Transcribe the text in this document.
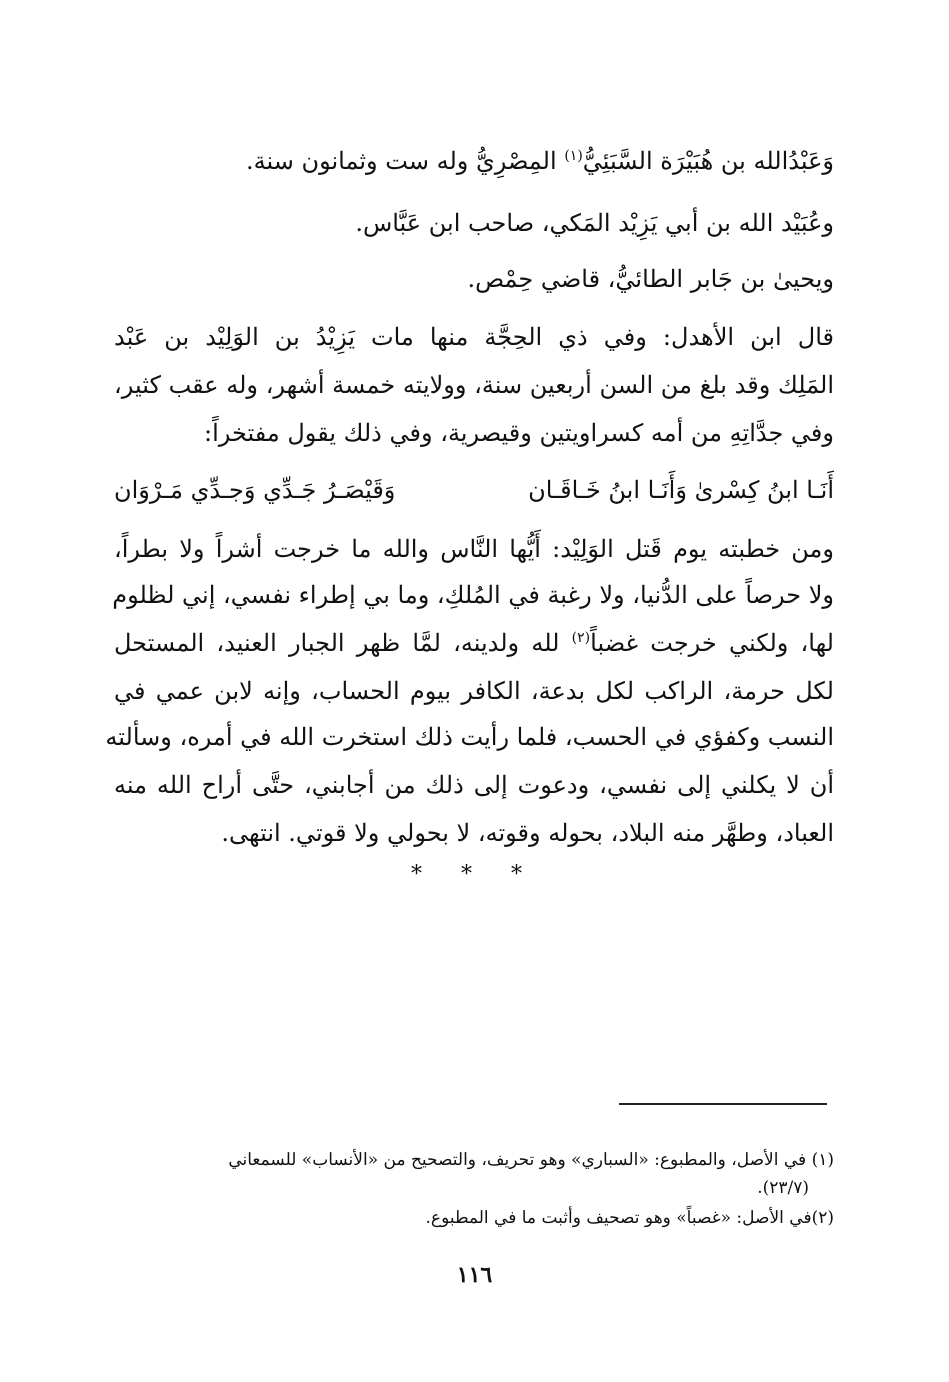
وَعَبْدُالله بن هُبَيْرَة السَّبَئِيُّ$^{(١)}$ المِصْرِيُّ وله ست وثمانون سنة.
وعُبَيْد الله بن أبي يَزِيْد المَكي، صاحب ابن عَبَّاس.
ويحيىٰ بن جَابر الطائيُّ، قاضي حِمْص.
قال ابن الأهدل: وفي ذي الحِجَّة منها مات يَزِيْدُ بن الوَلِيْد بن عَبْد
المَلِك وقد بلغ من السن أربعين سنة، وولايته خمسة أشهر، وله عقب كثير،
وفي جدَّاتِهِ من أمه كسراويتين وقيصرية، وفي ذلك يقول مفتخراً:
أَنَـا ابنُ كِسْرىٰ وَأَنَـا ابنُ خَـاقَـان
وَقَيْصَـرُ جَـدِّي وَجـدِّي مَـرْوَان
ومن خطبته يوم قَتل الوَلِيْد: أَيُّها النَّاس والله ما خرجت أشراً ولا بطراً،
ولا حرصاً على الدُّنيا، ولا رغبة في المُلكِ، وما بي إطراء نفسي، إني لظلوم
لها، ولكني خرجت غضباً$^{(٢)}$ لله ولدينه، لمَّا ظهر الجبار العنيد، المستحل
لكل حرمة، الراكب لكل بدعة، الكافر بيوم الحساب، وإنه لابن عمي في
النسب وكفؤي في الحسب، فلما رأيت ذلك استخرت الله في أمره، وسألته
أن لا يكلني إلى نفسي، ودعوت إلى ذلك من أجابني، حتَّى أراح الله منه
العباد، وطهَّر منه البلاد، بحوله وقوته، لا بحولي ولا قوتي. انتهى.
* * *
(١) في الأصل، والمطبوع: «السباري» وهو تحريف، والتصحيح من «الأنساب» للسمعاني
(٢٣/٧).
(٢)في الأصل: «غصباً» وهو تصحيف وأثبت ما في المطبوع.
١١٦
